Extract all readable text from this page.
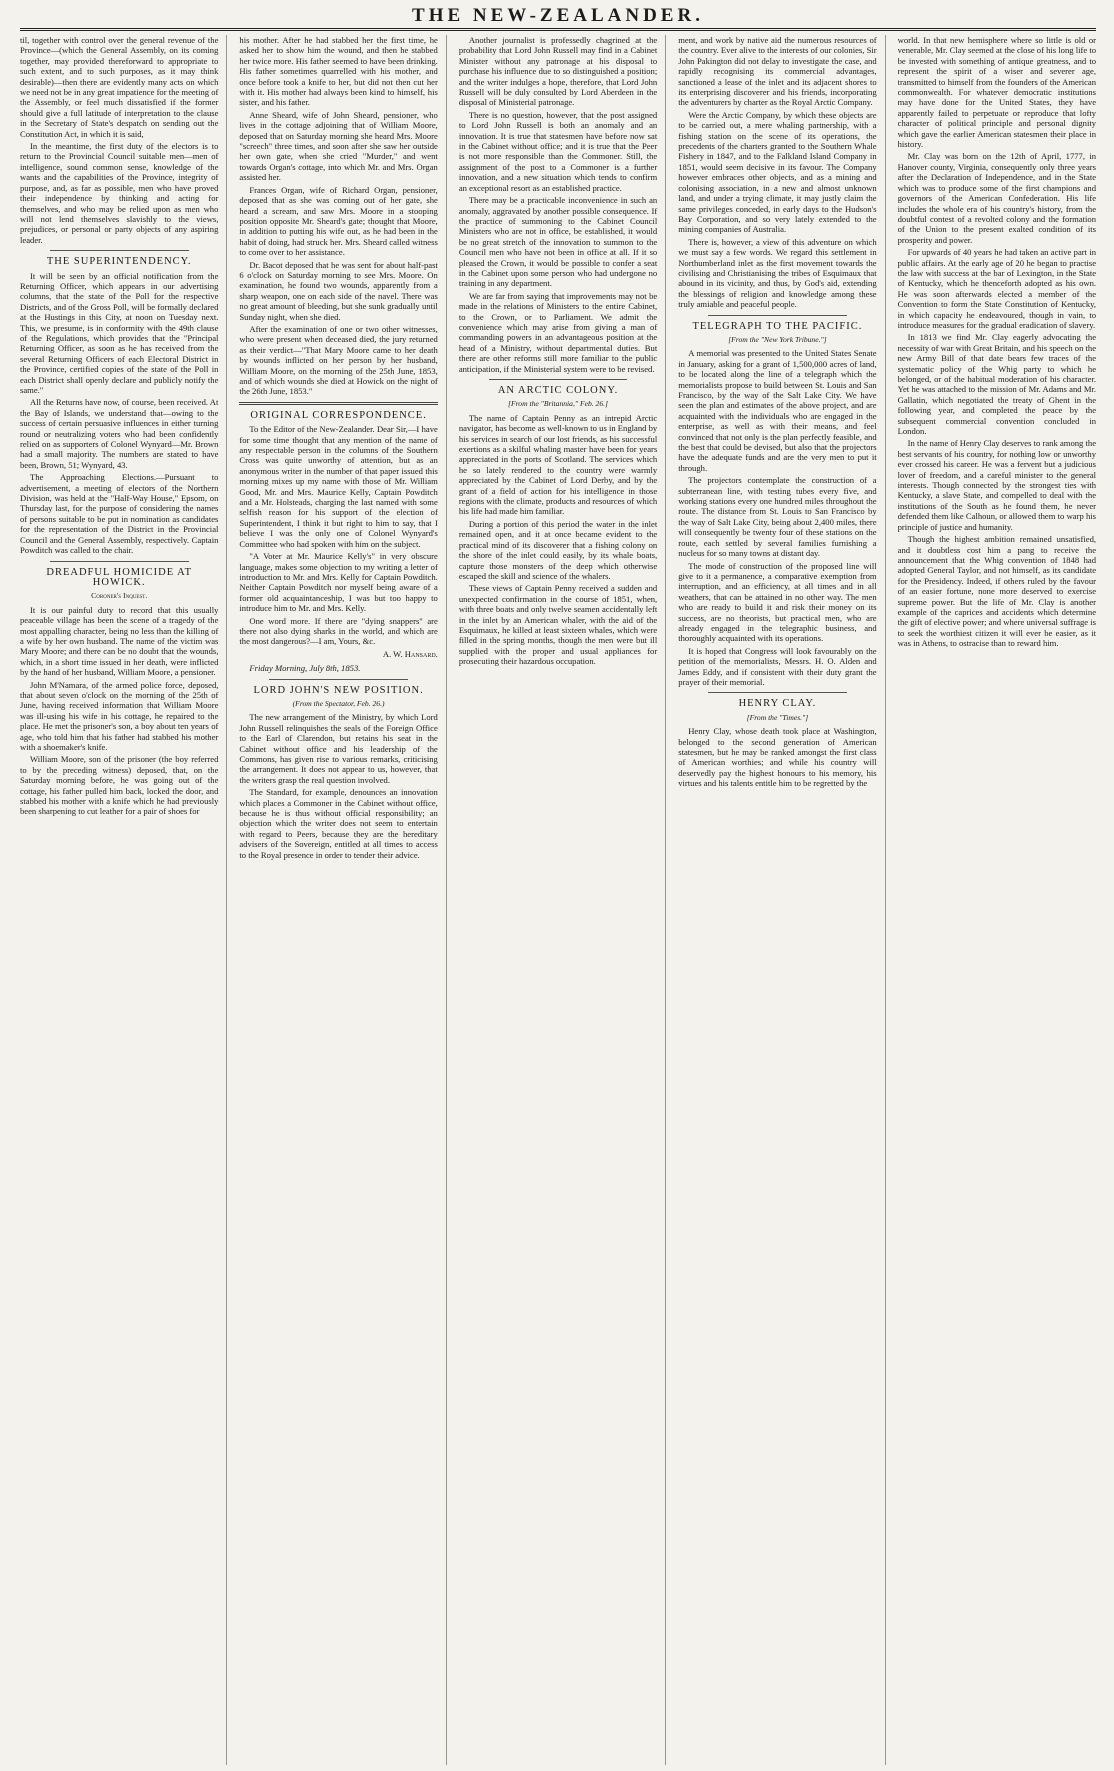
THE NEW-ZEALANDER.

til, together with control over the general revenue of the Province—(which the General Assembly, on its coming together, may provided thereforward to appropriate to such extent, and to such purposes, as it may think desirable)—then there are evidently many acts on which we need not be in any great impatience for the meeting of the Assembly, or feel much dissatisfied if the former should give a full latitude of interpretation to the clause in the Secretary of State's despatch on sending out the Constitution Act, in which it is said,

In the meantime, the first duty of the electors is to return to the Provincial Council suitable men—men of intelligence, sound common sense, knowledge of the wants and the capabilities of the Province, integrity of purpose, and, as far as possible, men who have proved their independence by thinking and acting for themselves, and who may be relied upon as men who will not lend themselves slavishly to the views, prejudices, or personal or party objects of any aspiring leader.

THE SUPERINTENDENCY.

It will be seen by an official notification from the Returning Officer, which appears in our advertising columns, that the state of the Poll for the respective Districts, and of the Gross Poll, will be formally declared at the Hustings in this City, at noon on Tuesday next. This, we presume, is in conformity with the 49th clause of the Regulations, which provides that the "Principal Returning Officer, as soon as he has received from the several Returning Officers of each Electoral District in the Province, certified copies of the state of the Poll in each District shall openly declare and publicly notify the same."

All the Returns have now, of course, been received. At the Bay of Islands, we understand that—owing to the success of certain persuasive influences in either turning round or neutralizing voters who had been confidently relied on as supporters of Colonel Wynyard—Mr. Brown had a small majority. The numbers are stated to have been, Brown, 51; Wynyard, 43.

The Approaching Elections.—Pursuant to advertisement, a meeting of electors of the Northern Division, was held at the "Half-Way House," Epsom, on Thursday last, for the purpose of considering the names of persons suitable to be put in nomination as candidates for the representation of the District in the Provincial Council and the General Assembly, respectively. Captain Powditch was called to the chair.

DREADFUL HOMICIDE AT HOWICK.
Coroner's Inquest.

It is our painful duty to record that this usually peaceable village has been the scene of a tragedy of the most appalling character, being no less than the killing of a wife by her own husband. The name of the victim was Mary Moore; and there can be no doubt that the wounds, which, in a short time issued in her death, were inflicted by the hand of her husband, William Moore, a pensioner.

John M'Namara, of the armed police force, deposed, that about seven o'clock on the morning of the 25th of June, having received information that William Moore was ill-using his wife in his cottage, he repaired to the place. He met the prisoner's son, a boy about ten years of age, who told him that his father had stabbed his mother with a shoemaker's knife.

William Moore, son of the prisoner (the boy referred to by the preceding witness) deposed, that, on the Saturday morning before, he was going out of the cottage, his father pulled him back, locked the door, and stabbed his mother with a knife which he had previously been sharpening to cut leather for a pair of shoes for

his mother. After he had stabbed her the first time, he asked her to show him the wound, and then he stabbed her twice more. His father seemed to have been drinking. His father sometimes quarrelled with his mother, and once before took a knife to her, but did not then cut her with it. His mother had always been kind to himself, his sister, and his father.

Anne Sheard, wife of John Sheard, pensioner, who lives in the cottage adjoining that of William Moore, deposed that on Saturday morning she heard Mrs. Moore "screech" three times, and soon after she saw her outside her own gate, when she cried "Murder," and went towards Organ's cottage, into which Mr. and Mrs. Organ assisted her.

Frances Organ, wife of Richard Organ, pensioner, deposed that as she was coming out of her gate, she heard a scream, and saw Mrs. Moore in a stooping position opposite Mr. Sheard's gate; thought that Moore, in addition to putting his wife out, as he had been in the habit of doing, had struck her. Mrs. Sheard called witness to come over to her assistance.

Dr. Bacot deposed that he was sent for about half-past 6 o'clock on Saturday morning to see Mrs. Moore. On examination, he found two wounds, apparently from a sharp weapon, one on each side of the navel. There was no great amount of bleeding, but she sunk gradually until Sunday night, when she died.

After the examination of one or two other witnesses, who were present when deceased died, the jury returned as their verdict—"That Mary Moore came to her death by wounds inflicted on her person by her husband, William Moore, on the morning of the 25th June, 1853, and of which wounds she died at Howick on the night of the 26th June, 1853."

ORIGINAL CORRESPONDENCE.

To the Editor of the New-Zealander. Dear Sir,—I have for some time thought that any mention of the name of any respectable person in the columns of the Southern Cross was quite unworthy of attention, but as an anonymous writer in the number of that paper issued this morning mixes up my name with those of Mr. William Good, Mr. and Mrs. Maurice Kelly, Captain Powditch and a Mr. Holsteads, charging the last named with some selfish reason for his support of the election of Superintendent, I think it but right to him to say, that I believe I was the only one of Colonel Wynyard's Committee who had spoken with him on the subject.

"A Voter at Mr. Maurice Kelly's" in very obscure language, makes some objection to my writing a letter of introduction to Mr. and Mrs. Kelly for Captain Powditch. Neither Captain Powditch nor myself being aware of a former old acquaintanceship, I was but too happy to introduce him to Mr. and Mrs. Kelly.

One word more. If there are "dying snappers" are there not also dying sharks in the world, and which are the most dangerous?—I am, Yours, &c.

A. W. Hansard.
Friday Morning, July 8th, 1853.
LORD JOHN'S NEW POSITION.
(From the Spectator, Feb. 26.)

The new arrangement of the Ministry, by which Lord John Russell relinquishes the seals of the Foreign Office to the Earl of Clarendon, but retains his seat in the Cabinet without office and his leadership of the Commons, has given rise to various remarks, criticising the arrangement. It does not appear to us, however, that the writers grasp the real question involved.

The Standard, for example, denounces an innovation which places a Commoner in the Cabinet without office, because he is thus without official responsibility; an objection which the writer does not seem to entertain with regard to Peers, because they are the hereditary advisers of the Sovereign, entitled at all times to access to the Royal presence in order to tender their advice.

Another journalist is professedly chagrined at the probability that Lord John Russell may find in a Cabinet Minister without any patronage at his disposal to purchase his influence due to so distinguished a position; and the writer indulges a hope, therefore, that Lord John Russell will be duly consulted by Lord Aberdeen in the disposal of Ministerial patronage.

There is no question, however, that the post assigned to Lord John Russell is both an anomaly and an innovation. It is true that statesmen have before now sat in the Cabinet without office; and it is true that the Peer is not more responsible than the Commoner. Still, the assignment of the post to a Commoner is a further innovation, and a new situation which tends to confirm an exceptional resort as an established practice.

There may be a practicable inconvenience in such an anomaly, aggravated by another possible consequence. If the practice of summoning to the Cabinet Council Ministers who are not in office, be established, it would be no great stretch of the innovation to summon to the Council men who have not been in office at all. If it so pleased the Crown, it would be possible to confer a seat in the Cabinet upon some person who had undergone no training in any department.

We are far from saying that improvements may not be made in the relations of Ministers to the entire Cabinet, to the Crown, or to Parliament. We admit the convenience which may arise from giving a man of commanding powers in an advantageous position at the head of a Ministry, without departmental duties. But there are other reforms still more familiar to the public anticipation, if the Ministerial system were to be revised.

AN ARCTIC COLONY.
[From the "Britannia," Feb. 26.]

The name of Captain Penny as an intrepid Arctic navigator, has become as well-known to us in England by his services in search of our lost friends, as his successful exertions as a skilful whaling master have been for years appreciated in the ports of Scotland. The services which he so lately rendered to the country were warmly appreciated by the Cabinet of Lord Derby, and by the grant of a field of action for his intelligence in those regions with the climate, products and resources of which his life had made him familiar.

During a portion of this period the water in the inlet remained open, and it at once became evident to the practical mind of its discoverer that a fishing colony on the shore of the inlet could easily, by its whale boats, capture those monsters of the deep which otherwise escaped the skill and science of the whalers.

These views of Captain Penny received a sudden and unexpected confirmation in the course of 1851, when, with three boats and only twelve seamen accidentally left in the inlet by an American whaler, with the aid of the Esquimaux, he killed at least sixteen whales, which were filled in the spring months, though the men were but ill supplied with the proper and usual appliances for prosecuting their hazardous occupation.

ment, and work by native aid the numerous resources of the country. Ever alive to the interests of our colonies, Sir John Pakington did not delay to investigate the case, and rapidly recognising its commercial advantages, sanctioned a lease of the inlet and its adjacent shores to its enterprising discoverer and his friends, incorporating the adventurers by charter as the Royal Arctic Company.

Were the Arctic Company, by which these objects are to be carried out, a mere whaling partnership, with a fishing station on the scene of its operations, the precedents of the charters granted to the Southern Whale Fishery in 1847, and to the Falkland Island Company in 1851, would seem decisive in its favour. The Company however embraces other objects, and as a mining and colonising association, in a new and almost unknown land, and under a trying climate, it may justly claim the same privileges conceded, in early days to the Hudson's Bay Corporation, and so very lately extended to the mining companies of Australia.

There is, however, a view of this adventure on which we must say a few words. We regard this settlement in Northumberland inlet as the first movement towards the civilising and Christianising the tribes of Esquimaux that abound in its vicinity, and thus, by God's aid, extending the blessings of religion and knowledge among these truly amiable and peaceful people.

TELEGRAPH TO THE PACIFIC.
[From the "New York Tribune."]

A memorial was presented to the United States Senate in January, asking for a grant of 1,500,000 acres of land, to be located along the line of a telegraph which the memorialists propose to build between St. Louis and San Francisco, by the way of the Salt Lake City. We have seen the plan and estimates of the above project, and are acquainted with the individuals who are engaged in the enterprise, as well as with their means, and feel convinced that not only is the plan perfectly feasible, and the best that could be devised, but also that the projectors have the adequate funds and are the very men to put it through.

The projectors contemplate the construction of a subterranean line, with testing tubes every five, and working stations every one hundred miles throughout the route. The distance from St. Louis to San Francisco by the way of Salt Lake City, being about 2,400 miles, there will consequently be twenty four of these stations on the route, each settled by several families furnishing a nucleus for so many towns at distant day.

The mode of construction of the proposed line will give to it a permanence, a comparative exemption from interruption, and an efficiency, at all times and in all weathers, that can be attained in no other way. The men who are ready to build it and risk their money on its success, are no theorists, but practical men, who are already engaged in the telegraphic business, and thoroughly acquainted with its operations.

It is hoped that Congress will look favourably on the petition of the memorialists, Messrs. H. O. Alden and James Eddy, and if consistent with their duty grant the prayer of their memorial.

HENRY CLAY.
[From the "Times."]

Henry Clay, whose death took place at Washington, belonged to the second generation of American statesmen, but he may be ranked amongst the first class of American worthies; and while his country will deservedly pay the highest honours to his memory, his virtues and his talents entitle him to be regretted by the

world. In that new hemisphere where so little is old or venerable, Mr. Clay seemed at the close of his long life to be invested with something of antique greatness, and to represent the spirit of a wiser and severer age, transmitted to himself from the founders of the American commonwealth. For whatever democratic institutions may have done for the United States, they have apparently failed to perpetuate or reproduce that lofty character of political principle and personal dignity which gave the earlier American statesmen their place in history.

Mr. Clay was born on the 12th of April, 1777, in Hanover county, Virginia, consequently only three years after the Declaration of Independence, and in the State which was to produce some of the first champions and governors of the American Confederation. His life includes the whole era of his country's history, from the doubtful contest of a revolted colony and the formation of the Union to the present exalted condition of its prosperity and power.

For upwards of 40 years he had taken an active part in public affairs. At the early age of 20 he began to practise the law with success at the bar of Lexington, in the State of Kentucky, which he thenceforth adopted as his own. He was soon afterwards elected a member of the Convention to form the State Constitution of Kentucky, in which capacity he endeavoured, though in vain, to introduce measures for the gradual eradication of slavery.

In 1813 we find Mr. Clay eagerly advocating the necessity of war with Great Britain, and his speech on the new Army Bill of that date bears few traces of the systematic policy of the Whig party to which he belonged, or of the habitual moderation of his character. Yet he was attached to the mission of Mr. Adams and Mr. Gallatin, which negotiated the treaty of Ghent in the following year, and completed the peace by the subsequent commercial convention concluded in London.

In the name of Henry Clay deserves to rank among the best servants of his country, for nothing low or unworthy ever crossed his career. He was a fervent but a judicious lover of freedom, and a careful minister to the general interests. Though connected by the strongest ties with Kentucky, a slave State, and compelled to deal with the institutions of the South as he found them, he never defended them like Calhoun, or allowed them to warp his principle of justice and humanity.

Though the highest ambition remained unsatisfied, and it doubtless cost him a pang to receive the announcement that the Whig convention of 1848 had adopted General Taylor, and not himself, as its candidate for the Presidency. Indeed, if others ruled by the favour of an easier fortune, none more deserved to exercise supreme power. But the life of Mr. Clay is another example of the caprices and accidents which determine the gift of elective power; and where universal suffrage is to seek the worthiest citizen it will ever be easier, as it was in Athens, to ostracise than to reward him.
